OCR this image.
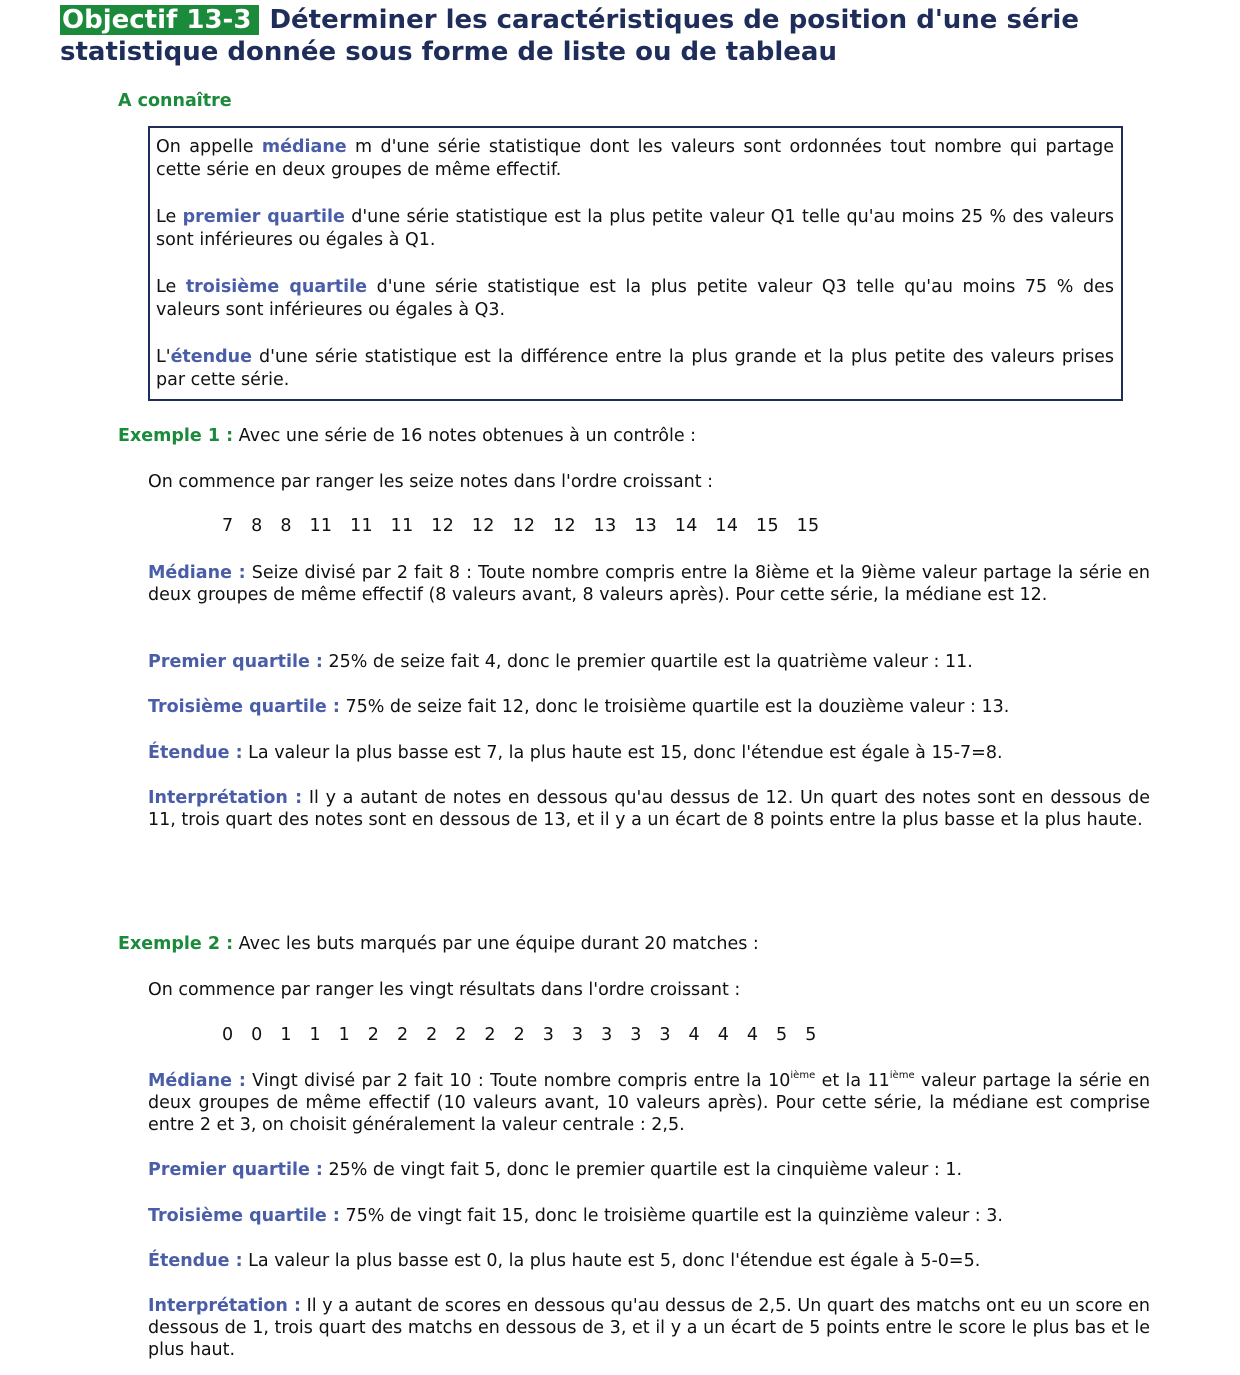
Objectif 13-3 Déterminer les caractéristiques de position d'une série statistique donnée sous forme de liste ou de tableau
A connaître

On appelle médiane m d'une série statistique dont les valeurs sont ordonnées tout nombre qui partage cette série en deux groupes de même effectif.

Le premier quartile d'une série statistique est la plus petite valeur Q1 telle qu'au moins 25 % des valeurs sont inférieures ou égales à Q1.

Le troisième quartile d'une série statistique est la plus petite valeur Q3 telle qu'au moins 75 % des valeurs sont inférieures ou égales à Q3.

L'étendue d'une série statistique est la différence entre la plus grande et la plus petite des valeurs prises par cette série.

Exemple 1 : Avec une série de 16 notes obtenues à un contrôle :
On commence par ranger les seize notes dans l'ordre croissant :
7  8  8  11  11  11  12  12  12  12  13  13  14  14  15  15
Médiane : Seize divisé par 2 fait 8 : Toute nombre compris entre la 8ième et la 9ième valeur partage la série en deux groupes de même effectif (8 valeurs avant, 8 valeurs après). Pour cette série, la médiane est 12.
Premier quartile : 25% de seize fait 4, donc le premier quartile est la quatrième valeur : 11.
Troisième quartile : 75% de seize fait 12, donc le troisième quartile est la douzième valeur : 13.
Étendue : La valeur la plus basse est 7, la plus haute est 15, donc l'étendue est égale à 15-7=8.
Interprétation : Il y a autant de notes en dessous qu'au dessus de 12. Un quart des notes sont en dessous de 11, trois quart des notes sont en dessous de 13, et il y a un écart de 8 points entre la plus basse et la plus haute.
Exemple 2 : Avec les buts marqués par une équipe durant 20 matches :
On commence par ranger les vingt résultats dans l'ordre croissant :
0  0  1  1  1  2  2  2  2  2  2  3  3  3  3  3  4  4  4  5  5
Médiane : Vingt divisé par 2 fait 10 : Toute nombre compris entre la 10ième et la 11ième valeur partage la série en deux groupes de même effectif (10 valeurs avant, 10 valeurs après). Pour cette série, la médiane est comprise entre 2 et 3, on choisit généralement la valeur centrale : 2,5.
Premier quartile : 25% de vingt fait 5, donc le premier quartile est la cinquième valeur : 1.
Troisième quartile : 75% de vingt fait 15, donc le troisième quartile est la quinzième valeur : 3.
Étendue : La valeur la plus basse est 0, la plus haute est 5, donc l'étendue est égale à 5-0=5.
Interprétation : Il y a autant de scores en dessous qu'au dessus de 2,5. Un quart des matchs ont eu un score en dessous de 1, trois quart des matchs en dessous de 3, et il y a un écart de 5 points entre le score le plus bas et le plus haut.
